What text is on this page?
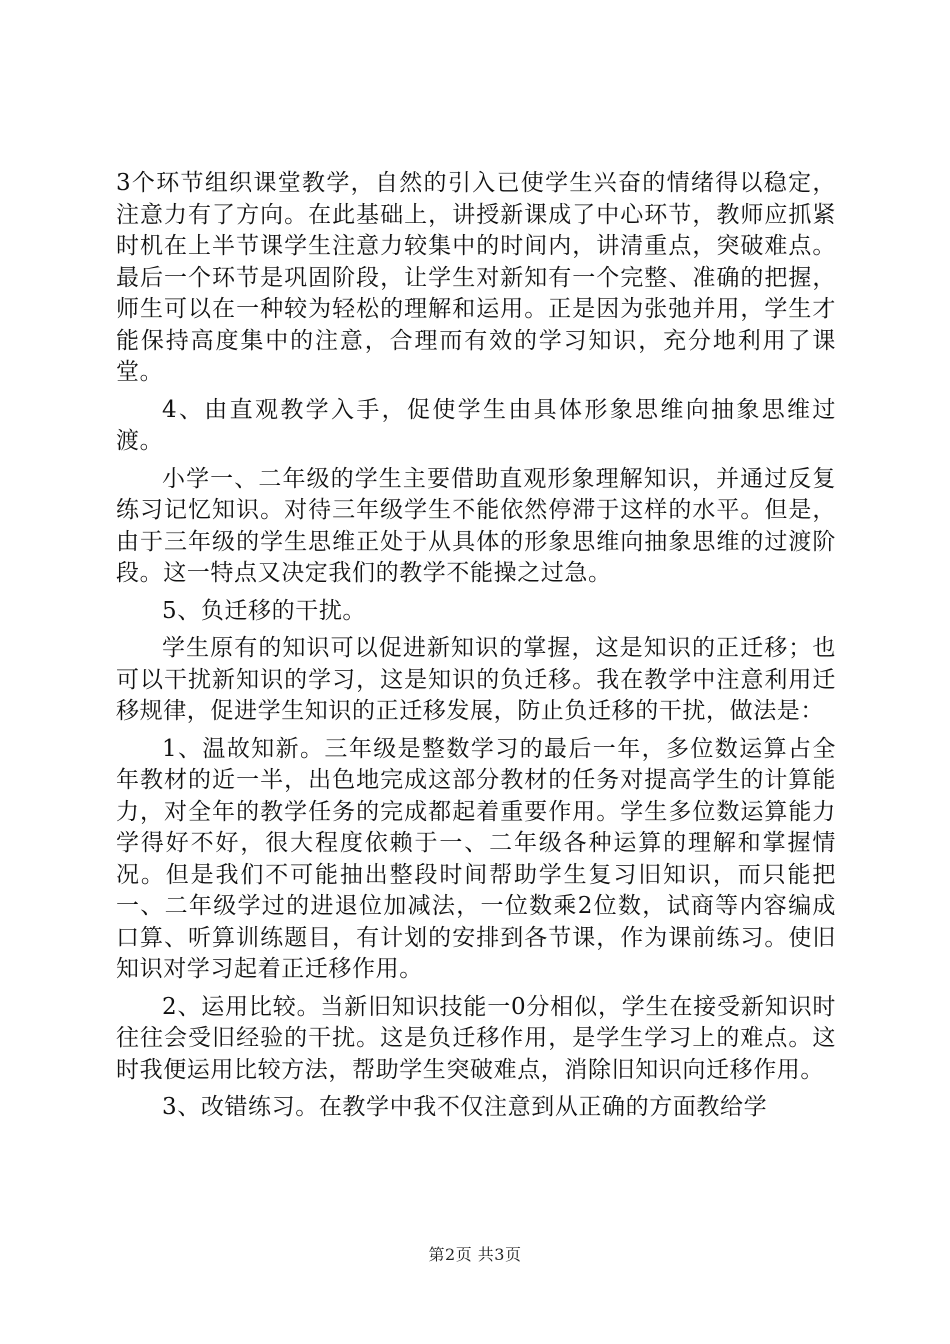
3个环节组织课堂教学，自然的引入已使学生兴奋的情绪得以稳定，注意力有了方向。在此基础上，讲授新课成了中心环节，教师应抓紧时机在上半节课学生注意力较集中的时间内，讲清重点，突破难点。最后一个环节是巩固阶段，让学生对新知有一个完整、准确的把握，师生可以在一种较为轻松的理解和运用。正是因为张弛并用，学生才能保持高度集中的注意，合理而有效的学习知识，充分地利用了课堂。

4、由直观教学入手，促使学生由具体形象思维向抽象思维过渡。

小学一、二年级的学生主要借助直观形象理解知识，并通过反复练习记忆知识。对待三年级学生不能依然停滞于这样的水平。但是，由于三年级的学生思维正处于从具体的形象思维向抽象思维的过渡阶段。这一特点又决定我们的教学不能操之过急。

5、负迁移的干扰。

学生原有的知识可以促进新知识的掌握，这是知识的正迁移；也可以干扰新知识的学习，这是知识的负迁移。我在教学中注意利用迁移规律，促进学生知识的正迁移发展，防止负迁移的干扰，做法是：

1、温故知新。三年级是整数学习的最后一年，多位数运算占全年教材的近一半，出色地完成这部分教材的任务对提高学生的计算能力，对全年的教学任务的完成都起着重要作用。学生多位数运算能力学得好不好，很大程度依赖于一、二年级各种运算的理解和掌握情况。但是我们不可能抽出整段时间帮助学生复习旧知识，而只能把一、二年级学过的进退位加减法，一位数乘2位数，试商等内容编成口算、听算训练题目，有计划的安排到各节课，作为课前练习。使旧知识对学习起着正迁移作用。

2、运用比较。当新旧知识技能一0分相似，学生在接受新知识时往往会受旧经验的干扰。这是负迁移作用，是学生学习上的难点。这时我便运用比较方法，帮助学生突破难点，消除旧知识向迁移作用。

3、改错练习。在教学中我不仅注意到从正确的方面教给学

第2页 共3页
